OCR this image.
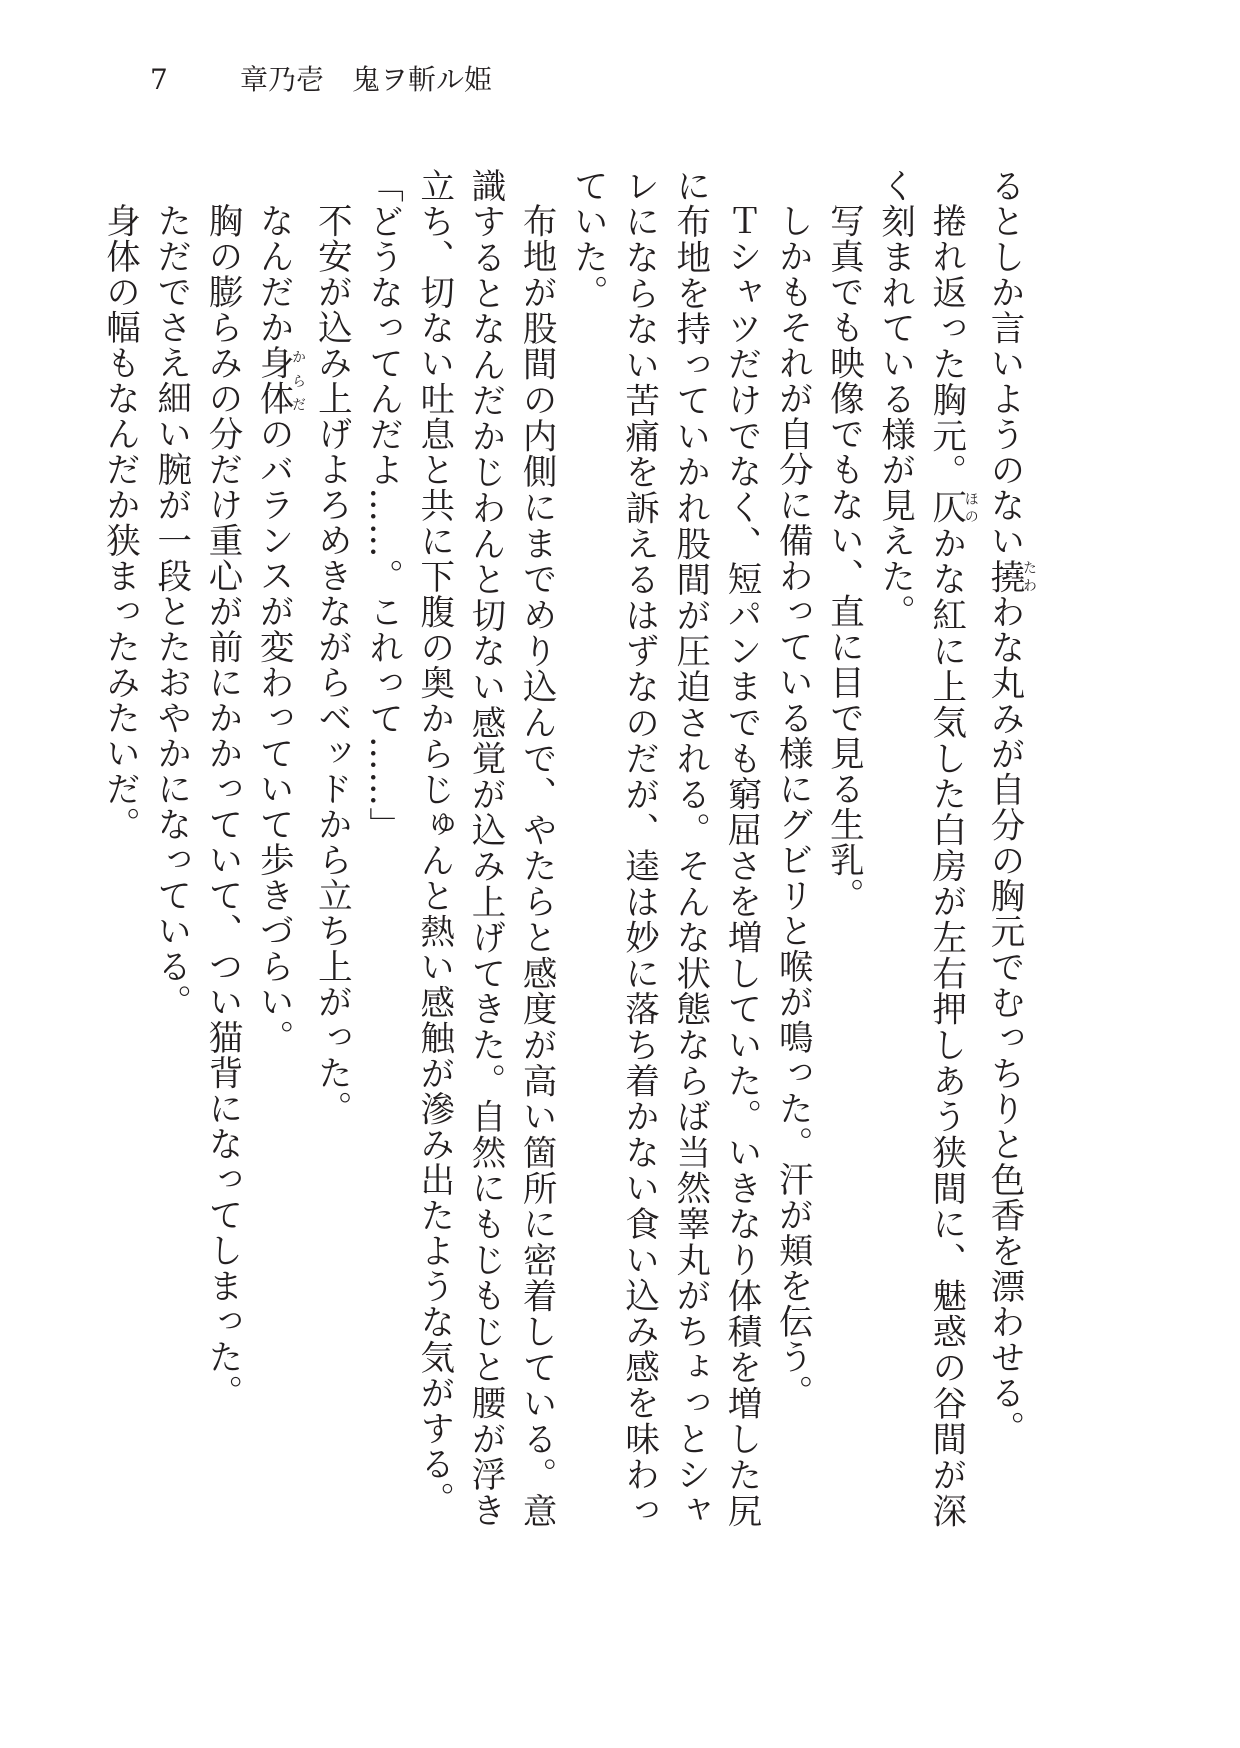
7	章乃壱　鬼ヲ斬ル姫

るとしか言いようのない撓たわわな丸みが自分の胸元でむっちりと色香を漂わせる。

捲れ返った胸元。仄ほのかな紅に上気した白房が左右押しあう狭間に、魅惑の谷間が深く刻まれている様が見えた。

写真でも映像でもない、直に目で見る生乳。

しかもそれが自分に備わっている様にグビリと喉が鳴った。汗が頬を伝う。

Ｔシャツだけでなく、短パンまでも窮屈さを増していた。いきなり体積を増した尻に布地を持っていかれ股間が圧迫される。そんな状態ならば当然睾丸がちょっとシャレにならない苦痛を訴えるはずなのだが、逵は妙に落ち着かない食い込み感を味わっていた。

布地が股間の内側にまでめり込んで、やたらと感度が高い箇所に密着している。意識するとなんだかじわんと切ない感覚が込み上げてきた。自然にもじもじと腰が浮き立ち、切ない吐息と共に下腹の奥からじゅんと熱い感触が滲み出たような気がする。

「どうなってんだよ……。これって……」

不安が込み上げよろめきながらベッドから立ち上がった。

なんだか身体からだのバランスが変わっていて歩きづらい。

胸の膨らみの分だけ重心が前にかかっていて、つい猫背になってしまった。

ただでさえ細い腕が一段とたおやかになっている。

身体の幅もなんだか狭まったみたいだ。
